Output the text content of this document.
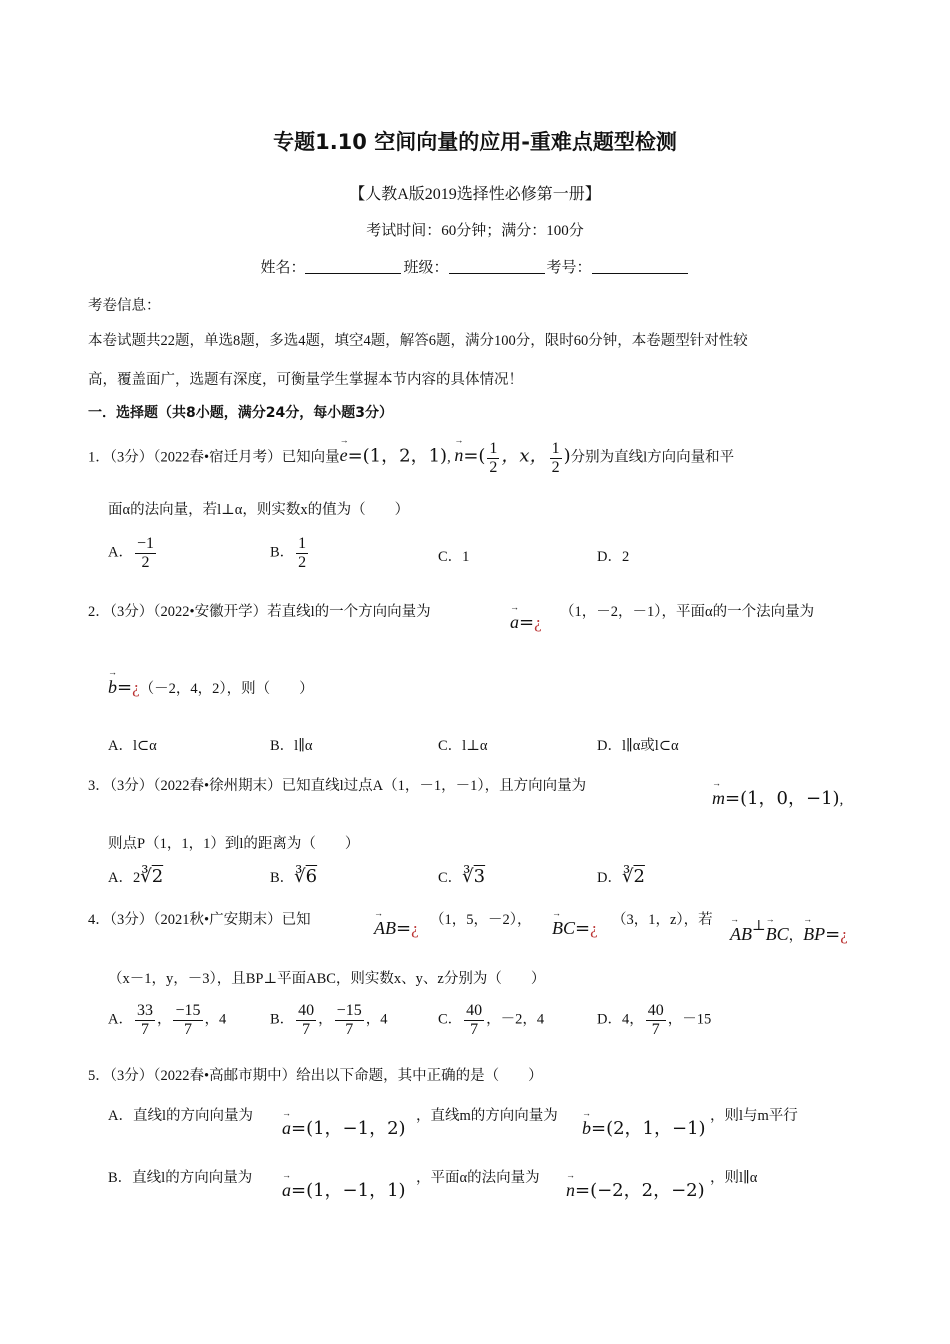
专题1.10 空间向量的应用-重难点题型检测
【人教A版2019选择性必修第一册】
考试时间：60分钟；满分：100分
姓名：	班级：	考号：
考卷信息：
本卷试题共22题，单选8题，多选4题，填空4题，解答6题，满分100分，限时60分钟，本卷题型针对性较
高，覆盖面广，选题有深度，可衡量学生掌握本节内容的具体情况！
一．选择题（共8小题，满分24分，每小题3分）
1．（3分）（2022春•宿迁月考）已知向量
→
e=(1，2，1),
→
$n=( \frac{1}{2}$ ，x， $\frac{1}{2}$ )分别为直线l方向向量和平
面α的法向量，若l⊥α，则实数x的值为（　　）
A． $\frac{-1}{2}$	B． $\frac{1}{2}$	C．1	D．2
2．（3分）（2022•安徽开学）若直线l的一个方向向量为	→
a=¿
（1，－2，－1），平面α的一个法向量为
→
b=¿（－2，4，2），则（　　）
A．l⊂α	B．l∥α	C．l⊥α	D．l∥α或l⊂α
3．（3分）（2022春•徐州期末）已知直线l过点A（1，－1，－1），且方向向量为	→
m=(1，0，−1),
则点P（1，1，1）到l的距离为（　　）
A．2∛2	B．∛6	C．∛3	D．∛2
4．（3分）（2021秋•广安期末）已知	→
AB=¿ （1，5，－2）， →
BC=¿ （3，1，z），若 →
AB⊥ →
BC，
→
BP=¿
（x－1，y，－3），且BP⊥平面ABC，则实数x、y、z分别为（　　）
A． $\frac{33}{7}$ ， $\frac{-15}{7}$ ，4	B． $\frac{40}{7}$ ， $\frac{-15}{7}$ ，4	C． $\frac{40}{7}$ ，－2，4	D．4， $\frac{40}{7}$ ，－15
5．（3分）（2022春•高邮市期中）给出以下命题，其中正确的是（　　）
A．直线l的方向向量为	→
a=(1，−1，2)
，直线m的方向向量为	→
b=(2，1，−1)
，则l与m平行
B．直线l的方向向量为	→
a=(1，−1，1)
，平面α的法向量为	→
n=(−2，2，−2)
，则l∥α
